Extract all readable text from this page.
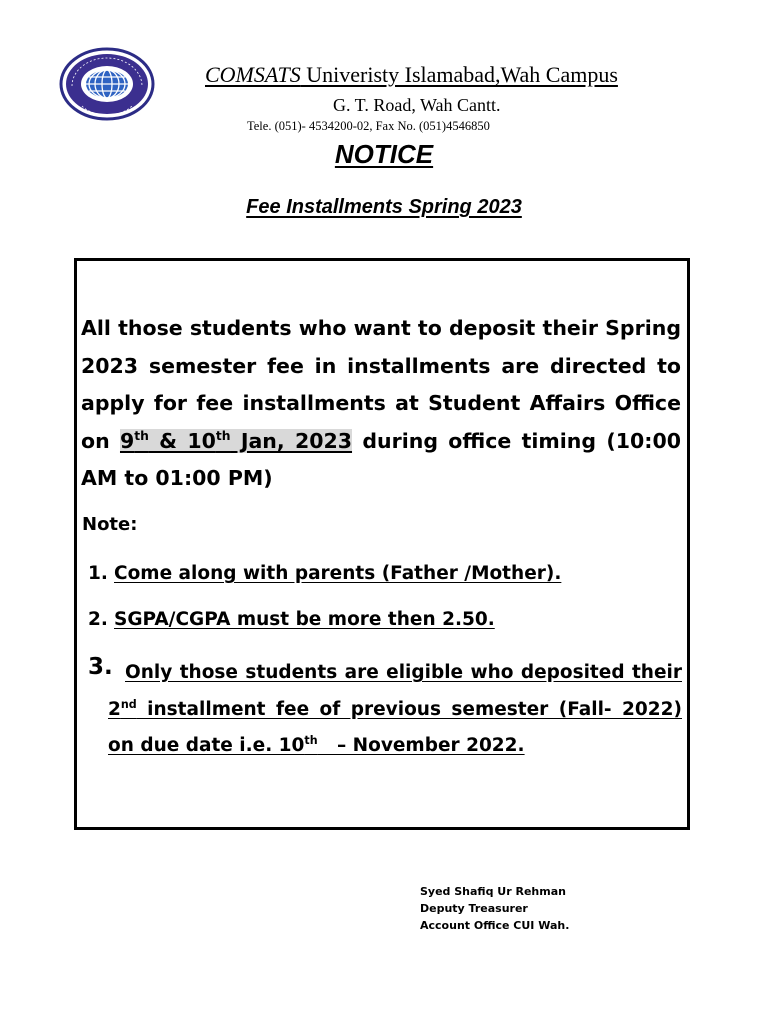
COMSATS Univeristy Islamabad,Wah Campus
G. T. Road, Wah Cantt.
Tele. (051)- 4534200-02, Fax No. (051)4546850
NOTICE
Fee Installments Spring 2023
All those students who want to deposit their Spring 2023 semester fee in installments are directed to apply for fee installments at Student Affairs Office on 9th & 10th Jan, 2023 during office timing (10:00 AM to 01:00 PM)
Note:
1. Come along with parents (Father /Mother).
2. SGPA/CGPA must be more then 2.50.
3. Only those students are eligible who deposited their 2nd installment fee of previous semester (Fall- 2022) on due date i.e. 10th   – November 2022.
Syed Shafiq Ur Rehman
Deputy Treasurer
Account Office CUI Wah.
